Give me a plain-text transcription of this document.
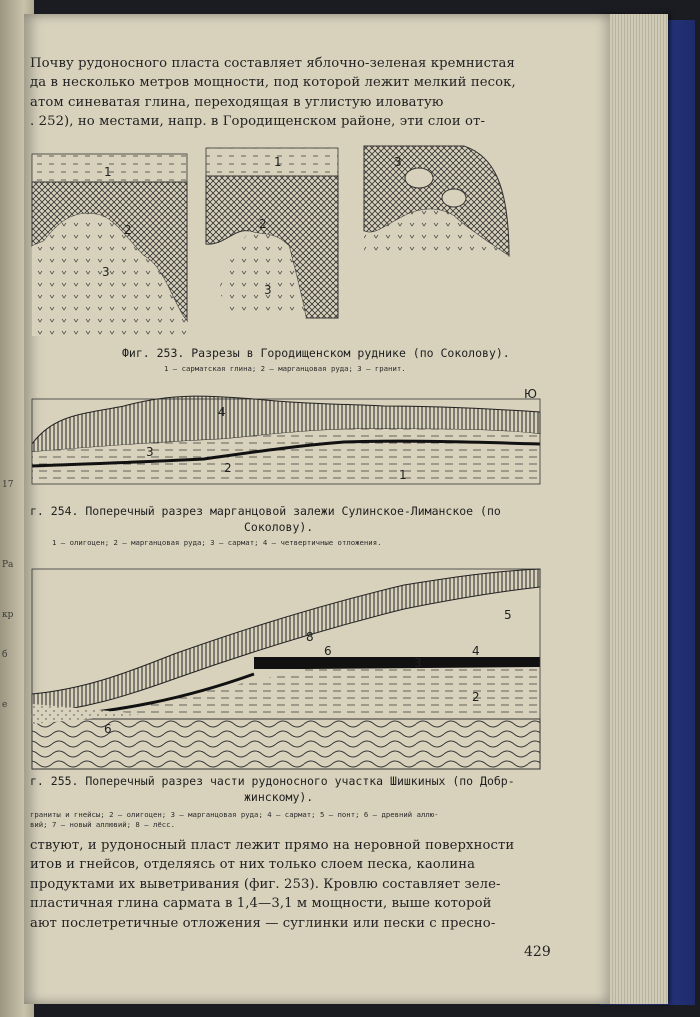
17
Ра
кр
б
е
Почву рудоносного пласта составляет яблочно-зеленая кремнистая
да в несколько метров мощности, под которой лежит мелкий песок,
атом синеватая глина, переходящая в углистую иловатую
. 252), но местами, напр. в Городищенском районе, эти слои от-
3
1
2
3
1
2
3
Фиг. 253. Разрезы в Городищенском руднике (по Соколову).
1 — сарматская глина; 2 — марганцовая руда; 3 — гранит.
4
3
2	1
Ю
г. 254. Поперечный разрез марганцовой залежи Сулинское-Лиманское (по
Соколову).
1 — олигоцен; 2 — марганцовая руда; 3 — сармат; 4 — четвертичные отложения.
5
4
3
2
6
8
6
г. 255. Поперечный разрез части рудоносного участка Шишкиных (по Добр-
жинскому).
граниты и гнейсы; 2 — олигоцен; 3 — марганцовая руда; 4 — сармат; 5 — понт; 6 — древний аллю-
вий; 7 — новый аллювий; 8 — лёсс.
ствуют, и рудоносный пласт лежит прямо на неровной поверхности
итов и гнейсов, отделяясь от них только слоем песка, каолина
продуктами их выветривания (фиг. 253). Кровлю составляет зеле-
пластичная глина сармата в 1,4—3,1 м мощности, выше которой
ают послетретичные отложения — суглинки или пески с пресно-
429
